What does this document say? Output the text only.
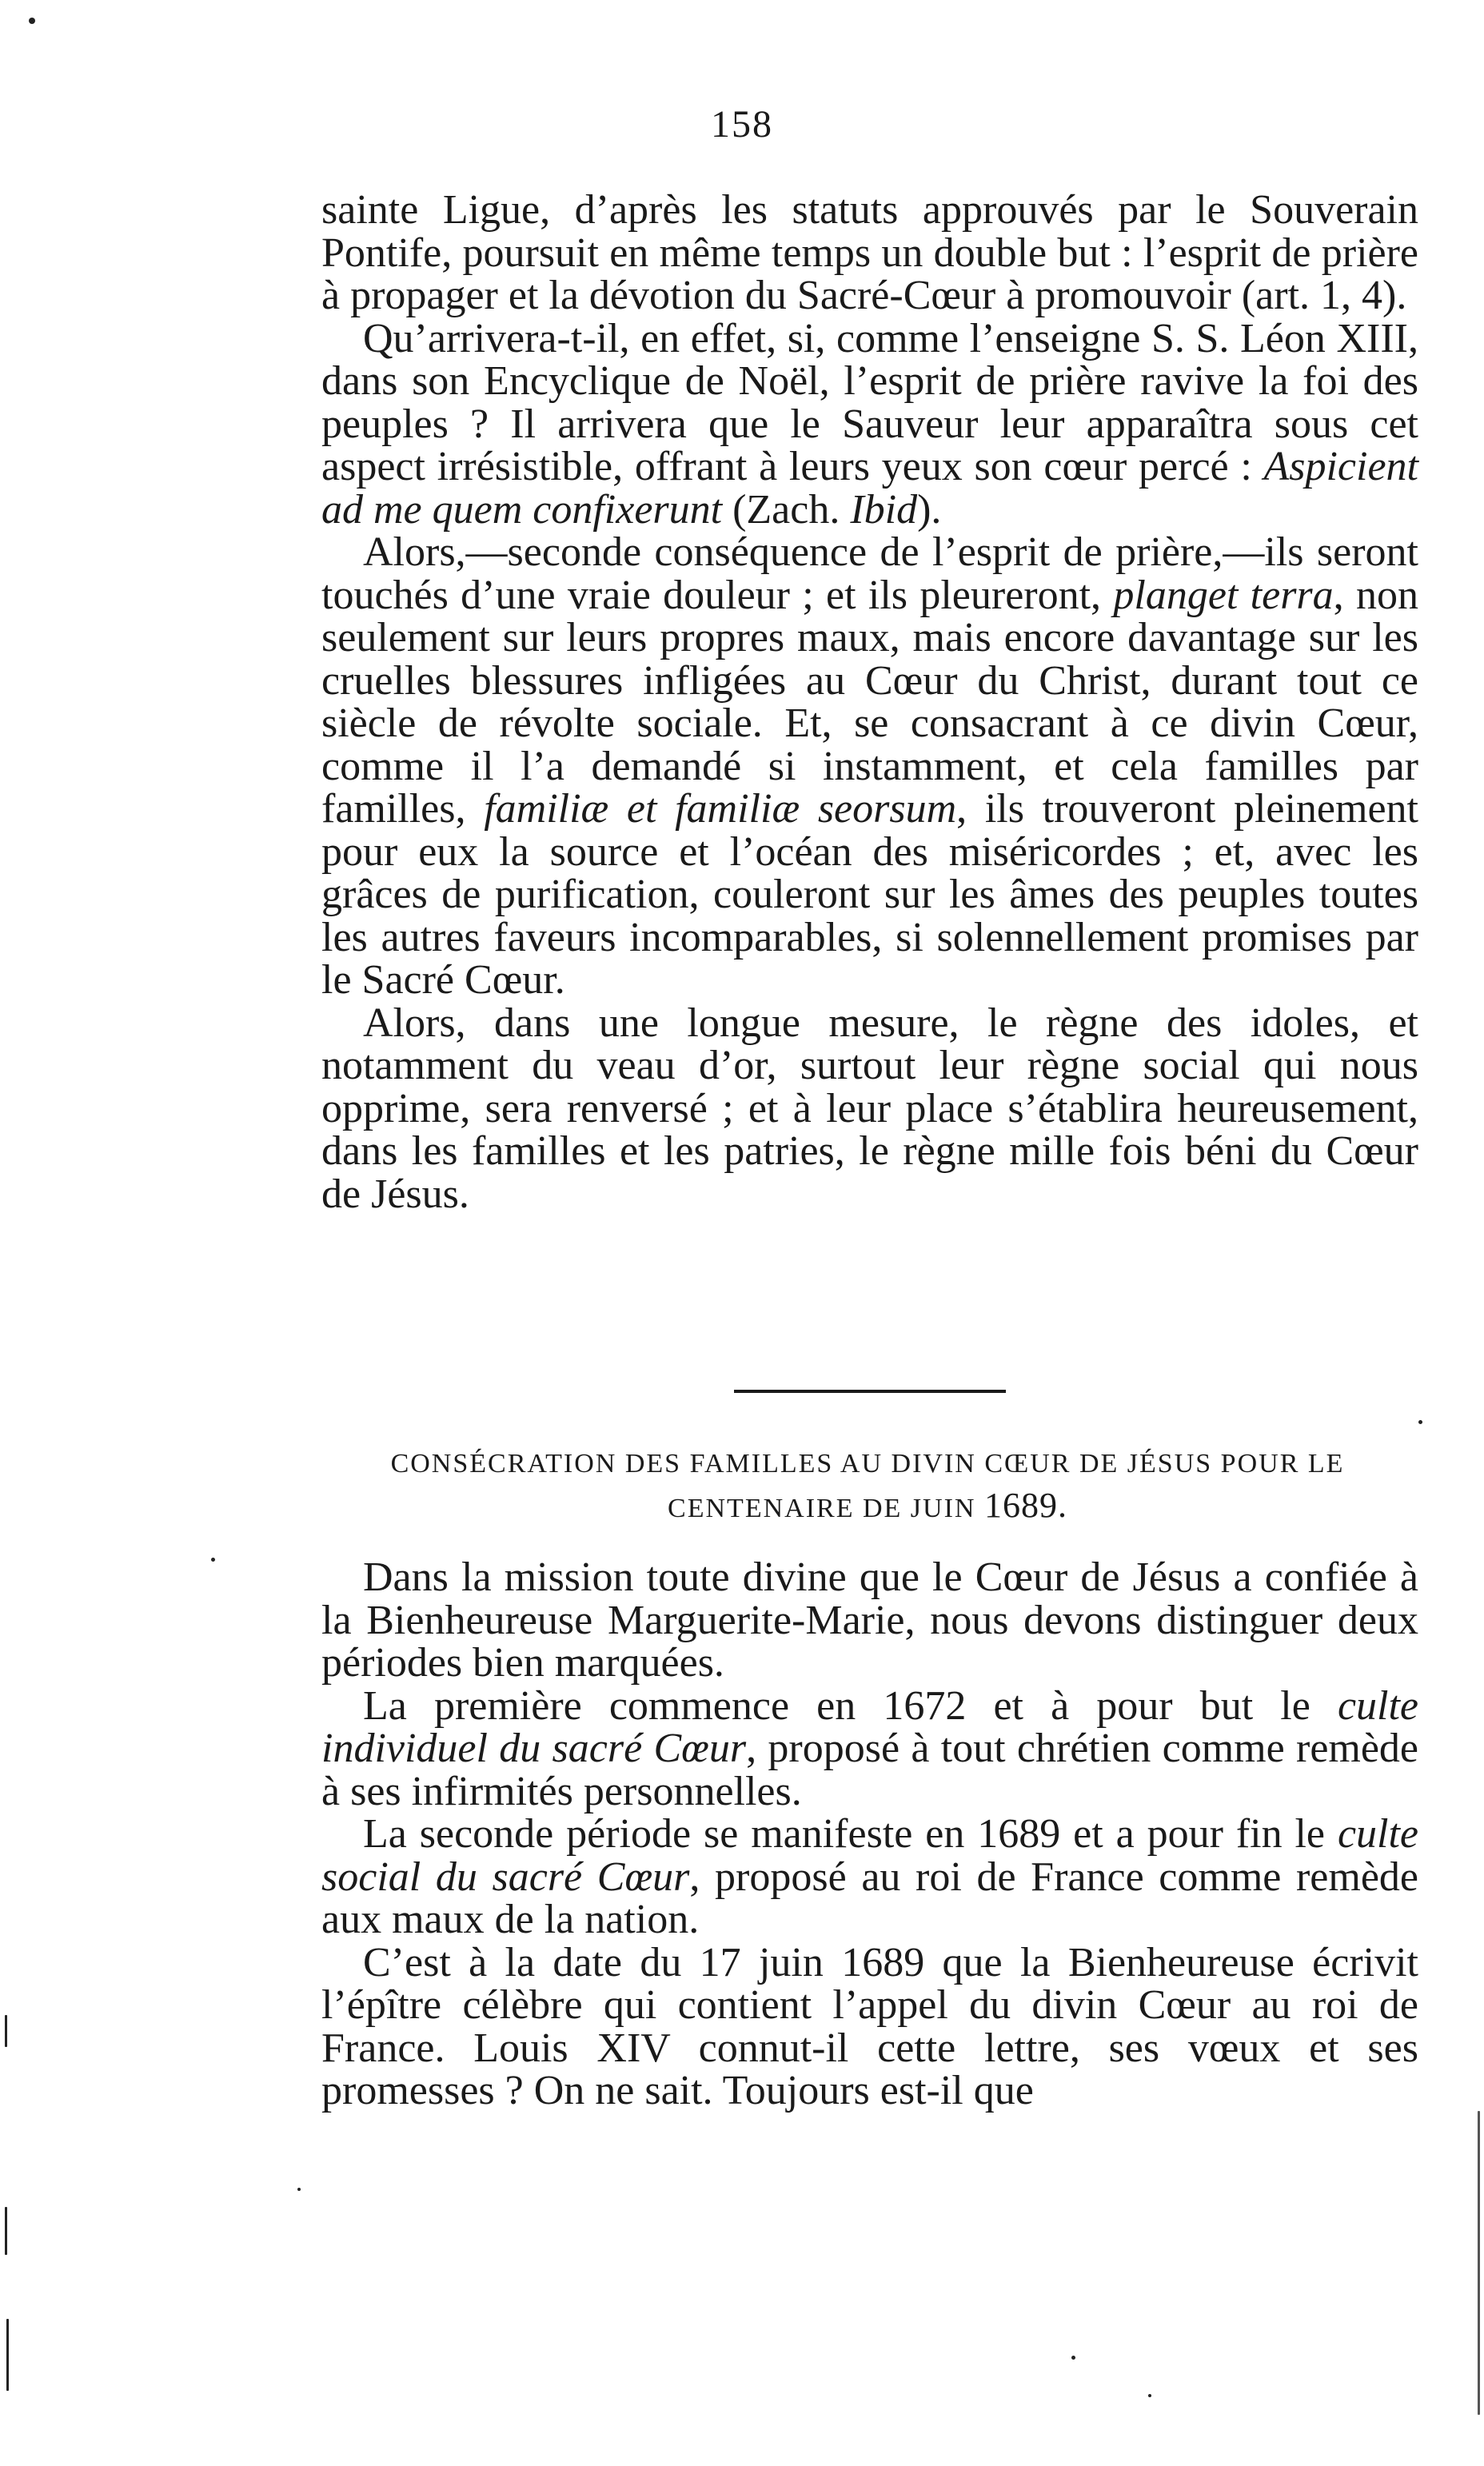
158

sainte Ligue, d’après les statuts approuvés par le Souverain Pontife, poursuit en même temps un double but : l’esprit de prière à propager et la dévotion du Sacré-Cœur à promouvoir (art. 1, 4).

Qu’arrivera-t-il, en effet, si, comme l’enseigne S. S. Léon XIII, dans son Encyclique de Noël, l’esprit de prière ravive la foi des peuples ? Il arrivera que le Sauveur leur apparaîtra sous cet aspect irrésistible, offrant à leurs yeux son cœur percé : Aspicient ad me quem confixerunt (Zach. Ibid).

Alors,—seconde conséquence de l’esprit de prière,—ils seront touchés d’une vraie douleur ; et ils pleureront, planget terra, non seulement sur leurs propres maux, mais encore davantage sur les cruelles blessures infligées au Cœur du Christ, durant tout ce siècle de révolte sociale. Et, se consacrant à ce divin Cœur, comme il l’a demandé si instamment, et cela familles par familles, familiæ et familiæ seorsum, ils trouveront pleinement pour eux la source et l’océan des miséricordes ; et, avec les grâces de purification, couleront sur les âmes des peuples toutes les autres faveurs incomparables, si solennellement promises par le Sacré Cœur.

Alors, dans une longue mesure, le règne des idoles, et notamment du veau d’or, surtout leur règne social qui nous opprime, sera renversé ; et à leur place s’établira heureusement, dans les familles et les patries, le règne mille fois béni du Cœur de Jésus.

CONSÉCRATION DES FAMILLES AU DIVIN CŒUR DE JÉSUS POUR LE
CENTENAIRE DE JUIN 1689.

Dans la mission toute divine que le Cœur de Jésus a confiée à la Bienheureuse Marguerite-Marie, nous devons distinguer deux périodes bien marquées.

La première commence en 1672 et à pour but le culte individuel du sacré Cœur, proposé à tout chrétien comme remède à ses infirmités personnelles.

La seconde période se manifeste en 1689 et a pour fin le culte social du sacré Cœur, proposé au roi de France comme remède aux maux de la nation.

C’est à la date du 17 juin 1689 que la Bienheureuse écrivit l’épître célèbre qui contient l’appel du divin Cœur au roi de France. Louis XIV connut-il cette lettre, ses vœux et ses promesses ? On ne sait. Toujours est-il que
